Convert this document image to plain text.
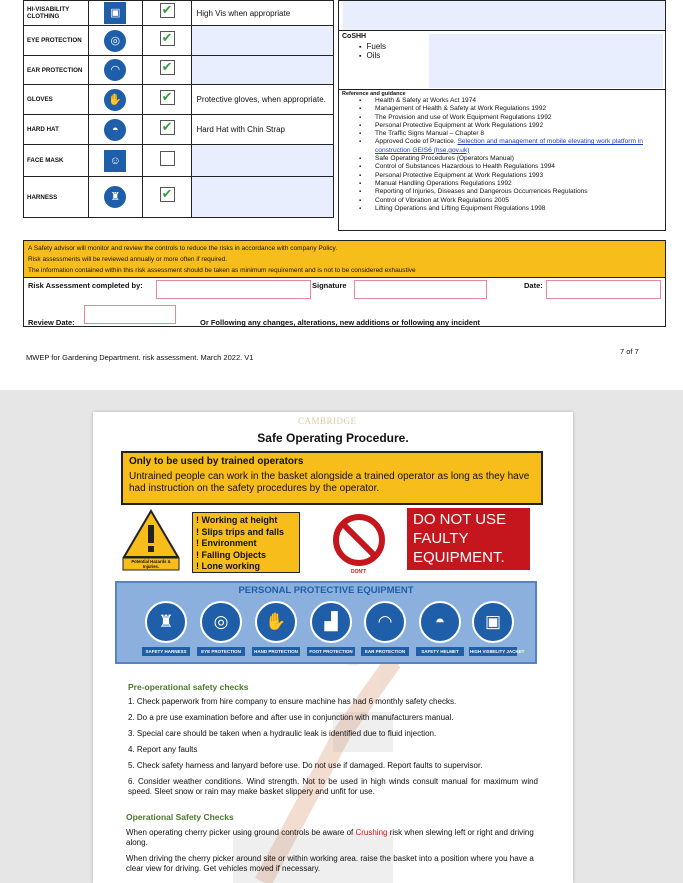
HI-VISABILITY CLOTHING	▣	✔	High Vis when appropriate
EYE PROTECTION	◎	✔	
EAR PROTECTION	◠	✔	
GLOVES	✋	✔	Protective gloves, when appropriate.
HARD HAT	◓	✔	Hard Hat with Chin Strap
FACE MASK	☺		
HARNESS	♜	✔	
CoSHH
▪ Fuels
▪ Oils
Reference and guidance
▪ Health & Safety at Works Act 1974
▪ Management of Health & Safety at Work Regulations 1992
▪ The Provision and use of Work Equipment Regulations 1992
▪ Personal Protective Equipment at Work Regulations 1992
▪ The Traffic Signs Manual – Chapter 8
▪ Approved Code of Practice. Selection and management of mobile elevating work platform in construction GEIS6 (hse.gov.uk)
▪ Safe Operating Procedures (Operators Manual)
▪ Control of Substances Hazardous to Health Regulations 1994
▪ Personal Protective Equipment at Work Regulations 1993
▪ Manual Handling Operations Regulations 1992
▪ Reporting of Injuries, Diseases and Dangerous Occurrences Regulations
▪ Control of Vibration at Work Regulations 2005
▪ Lifting Operations and Lifting Equipment Regulations 1998
A Safety advisor will monitor and review the controls to reduce the risks in accordance with company Policy.
Risk assessments will be reviewed annually or more often if required.
The information contained within this risk assessment should be taken as minimum requirement and is not to be considered exhaustive
Risk Assessment completed by:	Signature	Date:
Review Date:	Or Following any changes, alterations, new additions or following any incident
MWEP for Gardening Department. risk assessment. March 2022. V1
7 of 7
CAMBRIDGE
Safe Operating Procedure.
Only to be used by trained operators
Untrained people can work in the basket alongside a trained operator as long as they have had instruction on the safety procedures by the operator.
Potential Hazards & Injuries.
! Working at height
! Slips trips and falls
! Environment
! Falling Objects
! Lone working
DON'T
DO NOT USE
FAULTY
EQUIPMENT.
PERSONAL PROTECTIVE EQUIPMENT
♜
SAFETY HARNESS
◎
EYE PROTECTION
✋
HAND PROTECTION
▟
FOOT PROTECTION
◠
EAR PROTECTION
◓
SAFETY HELMET
▣
HIGH VISIBILITY JACKET
Pre-operational safety checks
1. Check paperwork from hire company to ensure machine has had 6 monthly safety checks.
2. Do a pre use examination before and after use in conjunction with manufacturers manual.
3. Special care should be taken when a hydraulic leak is identified due to fluid injection.
4. Report any faults
5. Check safety harness and lanyard before use. Do not use if damaged. Report faults to supervisor.
6. Consider weather conditions. Wind strength. Not to be used in high winds consult manual for maximum wind speed. Sleet snow or rain may make basket slippery and unfit for use.
Operational Safety Checks
When operating cherry picker using ground controls be aware of Crushing risk when slewing left or right and driving along.
When driving the cherry picker around site or within working area. raise the basket into a position where you have a clear view for driving. Get vehicles moved if necessary.
